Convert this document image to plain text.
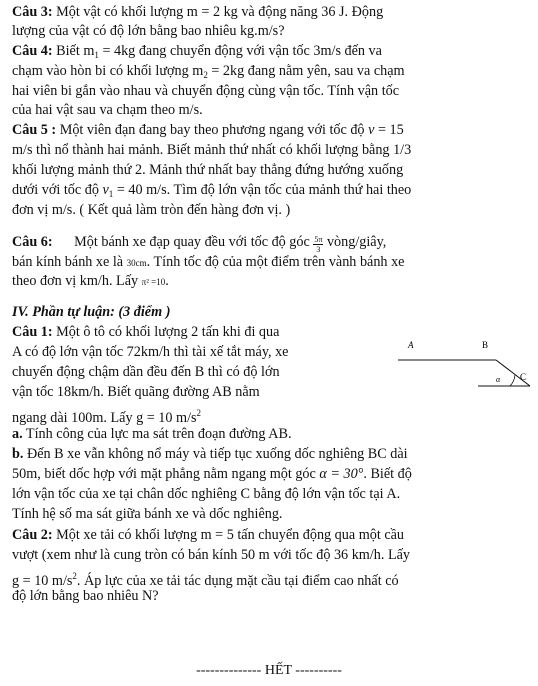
Câu 3: Một vật có khối lượng m = 2 kg và động năng 36 J. Động
lượng của vật có độ lớn bằng bao nhiêu kg.m/s?
Câu 4: Biết $m_1 = 4kg$ đang chuyển động với vận tốc 3m/s đến va
chạm vào hòn bi có khối lượng $m_2 = 2kg$ đang nằm yên, sau va chạm
hai viên bi gắn vào nhau và chuyển động cùng vận tốc. Tính vận tốc
của hai vật sau va chạm theo m/s.
Câu 5 : Một viên đạn đang bay theo phương ngang với tốc độ v = 15
m/s thì nổ thành hai mảnh. Biết mảnh thứ nhất có khối lượng bằng 1/3
khối lượng mảnh thứ 2. Mảnh thứ nhất bay thẳng đứng hướng xuống
dưới với tốc độ $v_1 = 40$ m/s. Tìm độ lớn vận tốc của mảnh thứ hai theo
đơn vị m/s. ( Kết quả làm tròn đến hàng đơn vị. )
Câu 6: Một bánh xe đạp quay đều với tốc độ góc $\frac{5\pi}{3}$ vòng/giây,
bán kính bánh xe là 30cm. Tính tốc độ của một điểm trên vành bánh xe
theo đơn vị km/h. Lấy π² =10.
IV. Phần tự luận: (3 điểm )
Câu 1: Một ô tô có khối lượng 2 tấn khi đi qua
A có độ lớn vận tốc 72km/h thì tài xế tắt máy, xe
chuyển động chậm dần đều đến B thì có độ lớn
vận tốc 18km/h. Biết quãng đường AB nằm
ngang dài 100m. Lấy g = 10 $m/s^2$
a. Tính công của lực ma sát trên đoạn đường AB.
b. Đến B xe vẫn không nổ máy và tiếp tục xuống dốc nghiêng BC dài
50m, biết dốc hợp với mặt phẳng nằm ngang một góc α = 30°. Biết độ
lớn vận tốc của xe tại chân dốc nghiêng C bằng độ lớn vận tốc tại A.
Tính hệ số ma sát giữa bánh xe và dốc nghiêng.
Câu 2: Một xe tải có khối lượng m = 5 tấn chuyển động qua một cầu
vượt (xem như là cung tròn có bán kính 50 m với tốc độ 36 km/h. Lấy
g = 10 $m/s^2$. Áp lực của xe tải tác dụng mặt cầu tại điểm cao nhất có
độ lớn bằng bao nhiêu N?
A	B
α C
-------------- HẾT ----------
